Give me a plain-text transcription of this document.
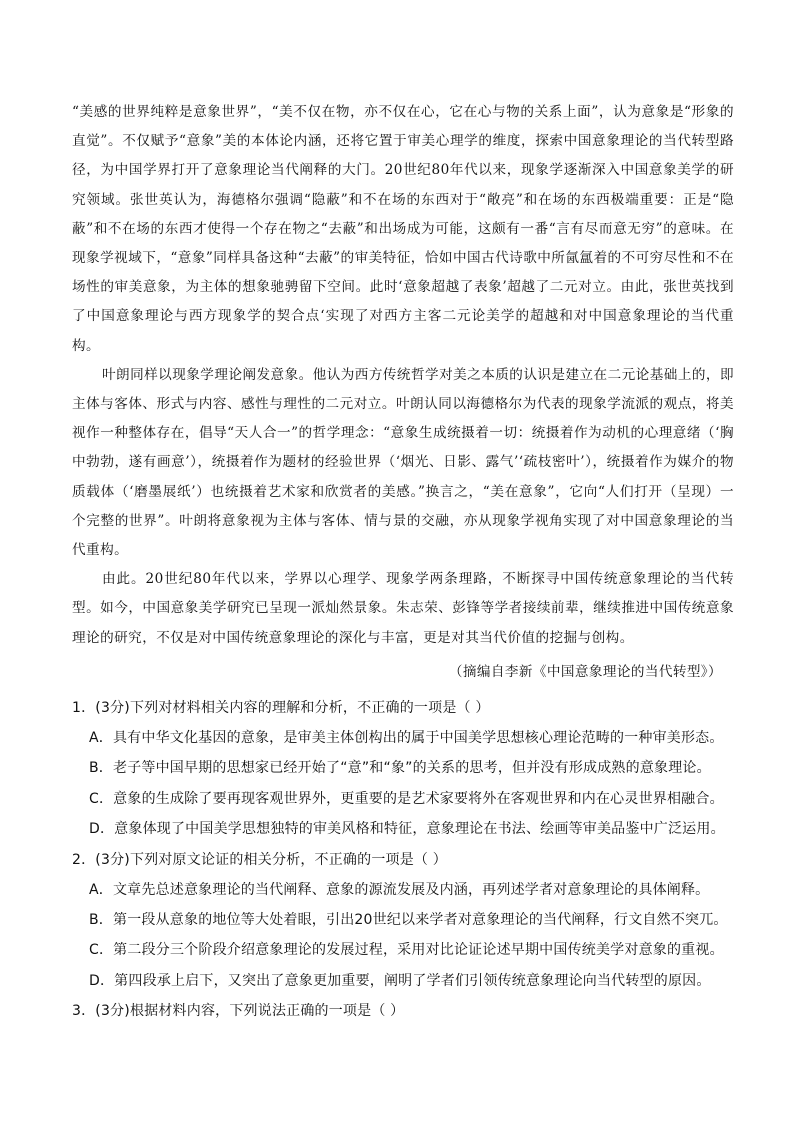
“美感的世界纯粹是意象世界”，“美不仅在物，亦不仅在心，它在心与物的关系上面”，认为意象是“形象的直觉”。不仅赋予“意象”美的本体论内涵，还将它置于审美心理学的维度，探索中国意象理论的当代转型路径，为中国学界打开了意象理论当代阐释的大门。20世纪80年代以来，现象学逐渐深入中国意象美学的研究领域。张世英认为，海德格尔强调“隐蔽”和不在场的东西对于“敞亮”和在场的东西极端重要：正是“隐蔽”和不在场的东西才使得一个存在物之“去蔽”和出场成为可能，这颇有一番“言有尽而意无穷”的意味。在现象学视域下，“意象”同样具备这种“去蔽”的审美特征，恰如中国古代诗歌中所氤氲着的不可穷尽性和不在场性的审美意象，为主体的想象驰骋留下空间。此时‘意象超越了表象’超越了二元对立。由此，张世英找到了中国意象理论与西方现象学的契合点‘实现了对西方主客二元论美学的超越和对中国意象理论的当代重构。

叶朗同样以现象学理论阐发意象。他认为西方传统哲学对美之本质的认识是建立在二元论基础上的，即主体与客体、形式与内容、感性与理性的二元对立。叶朗认同以海德格尔为代表的现象学流派的观点，将美视作一种整体存在，倡导“天人合一”的哲学理念：“意象生成统摄着一切：统摄着作为动机的心理意绪（‘胸中勃勃，遂有画意’），统摄着作为题材的经验世界（‘烟光、日影、露气’‘疏枝密叶’），统摄着作为媒介的物质载体（‘磨墨展纸’）也统摄着艺术家和欣赏者的美感。”换言之，“美在意象”，它向“人们打开（呈现）一个完整的世界”。叶朗将意象视为主体与客体、情与景的交融，亦从现象学视角实现了对中国意象理论的当代重构。

由此。20世纪80年代以来，学界以心理学、现象学两条理路，不断探寻中国传统意象理论的当代转型。如今，中国意象美学研究已呈现一派灿然景象。朱志荣、彭锋等学者接续前辈，继续推进中国传统意象理论的研究，不仅是对中国传统意象理论的深化与丰富，更是对其当代价值的挖掘与创构。

（摘编自李新《中国意象理论的当代转型》）
1．(3分)下列对材料相关内容的理解和分析，不正确的一项是（ ）
A．具有中华文化基因的意象，是审美主体创构出的属于中国美学思想核心理论范畴的一种审美形态。
B．老子等中国早期的思想家已经开始了“意”和“象”的关系的思考，但并没有形成成熟的意象理论。
C．意象的生成除了要再现客观世界外，更重要的是艺术家要将外在客观世界和内在心灵世界相融合。
D．意象体现了中国美学思想独特的审美风格和特征，意象理论在书法、绘画等审美品鉴中广泛运用。
2．(3分)下列对原文论证的相关分析，不正确的一项是（ ）
A．文章先总述意象理论的当代阐释、意象的源流发展及内涵，再列述学者对意象理论的具体阐释。
B．第一段从意象的地位等大处着眼，引出20世纪以来学者对意象理论的当代阐释，行文自然不突兀。
C．第二段分三个阶段介绍意象理论的发展过程，采用对比论证论述早期中国传统美学对意象的重视。
D．第四段承上启下，又突出了意象更加重要，阐明了学者们引领传统意象理论向当代转型的原因。
3．(3分)根据材料内容，下列说法正确的一项是（ ）
